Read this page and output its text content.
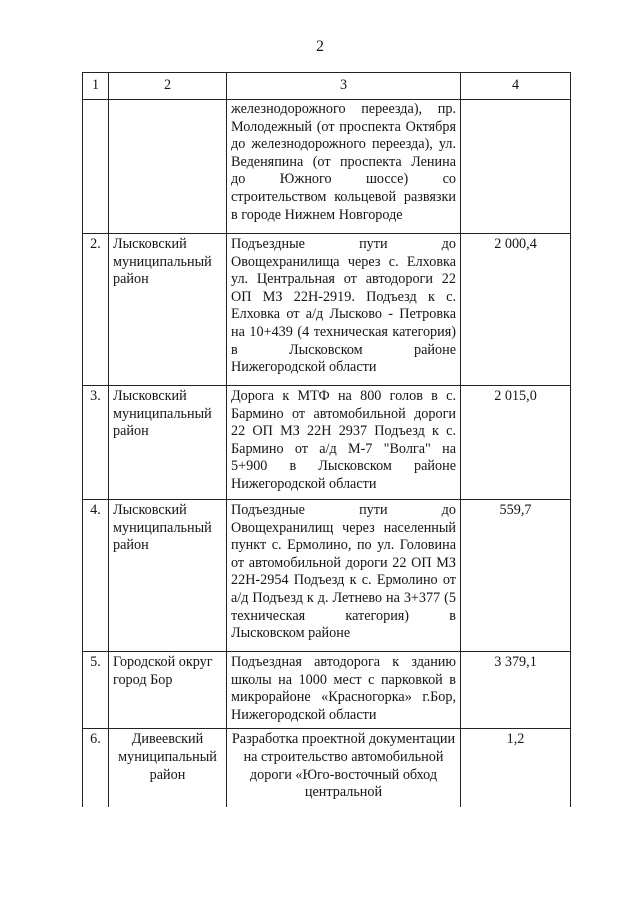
2
1	2	3	4
		железнодорожного переезда), пр. Молодежный (от проспекта Октября до железнодорожного переезда), ул. Веденяпина (от проспекта Ленина до Южного шоссе) со строительством кольцевой развязки в городе Нижнем Новгороде	
2.	Лысковский муниципальный район	Подъездные пути до Овощехранилища через с. Елховка ул. Центральная от автодороги 22 ОП МЗ 22Н-2919. Подъезд к с. Елховка от а/д Лысково - Петровка на 10+439 (4 техническая категория) в Лысковском районе Нижегородской области	2 000,4
3.	Лысковский муниципальный район	Дорога к МТФ на 800 голов в с. Бармино от автомобильной дороги 22 ОП МЗ 22Н 2937 Подъезд к с. Бармино от а/д М-7 "Волга" на 5+900 в Лысковском районе Нижегородской области	2 015,0
4.	Лысковский муниципальный район	Подъездные пути до Овощехранилищ через населенный пункт с. Ермолино, по ул. Головина от автомобильной дороги 22 ОП МЗ 22Н-2954 Подъезд к с. Ермолино от а/д Подъезд к д. Летнево на 3+377 (5 техническая категория) в Лысковском районе	559,7
5.	Городской округ город Бор	Подъездная автодорога к зданию школы на 1000 мест с парковкой в микрорайоне «Красногорка» г.Бор, Нижегородской области	3 379,1
6.	Дивеевский муниципальный район	Разработка проектной документации на строительство автомобильной дороги «Юго-восточный обход центральной	1,2
